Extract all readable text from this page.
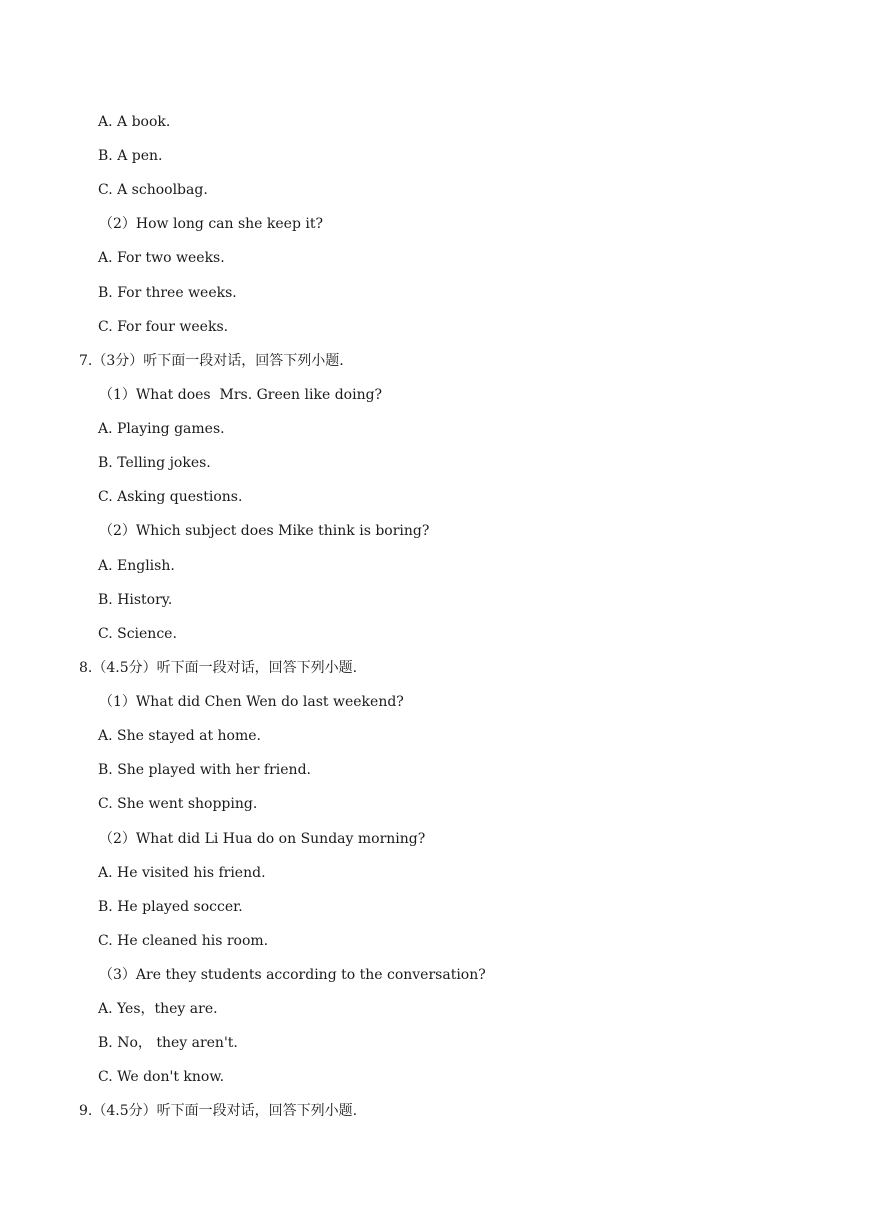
A. A book.
B. A pen.
C. A schoolbag.
（2）How long can she keep it?
A. For two weeks.
B. For three weeks.
C. For four weeks.
7.（3分）听下面一段对话，回答下列小题.
（1）What does  Mrs. Green like doing?
A. Playing games.
B. Telling jokes.
C. Asking questions.
（2）Which subject does Mike think is boring?
A. English.
B. History.
C. Science.
8.（4.5分）听下面一段对话，回答下列小题.
（1）What did Chen Wen do last weekend?
A. She stayed at home.
B. She played with her friend.
C. She went shopping.
（2）What did Li Hua do on Sunday morning?
A. He visited his friend.
B. He played soccer.
C. He cleaned his room.
（3）Are they students according to the conversation?
A. Yes，they are.
B. No， they aren't.
C. We don't know.
9.（4.5分）听下面一段对话，回答下列小题.
